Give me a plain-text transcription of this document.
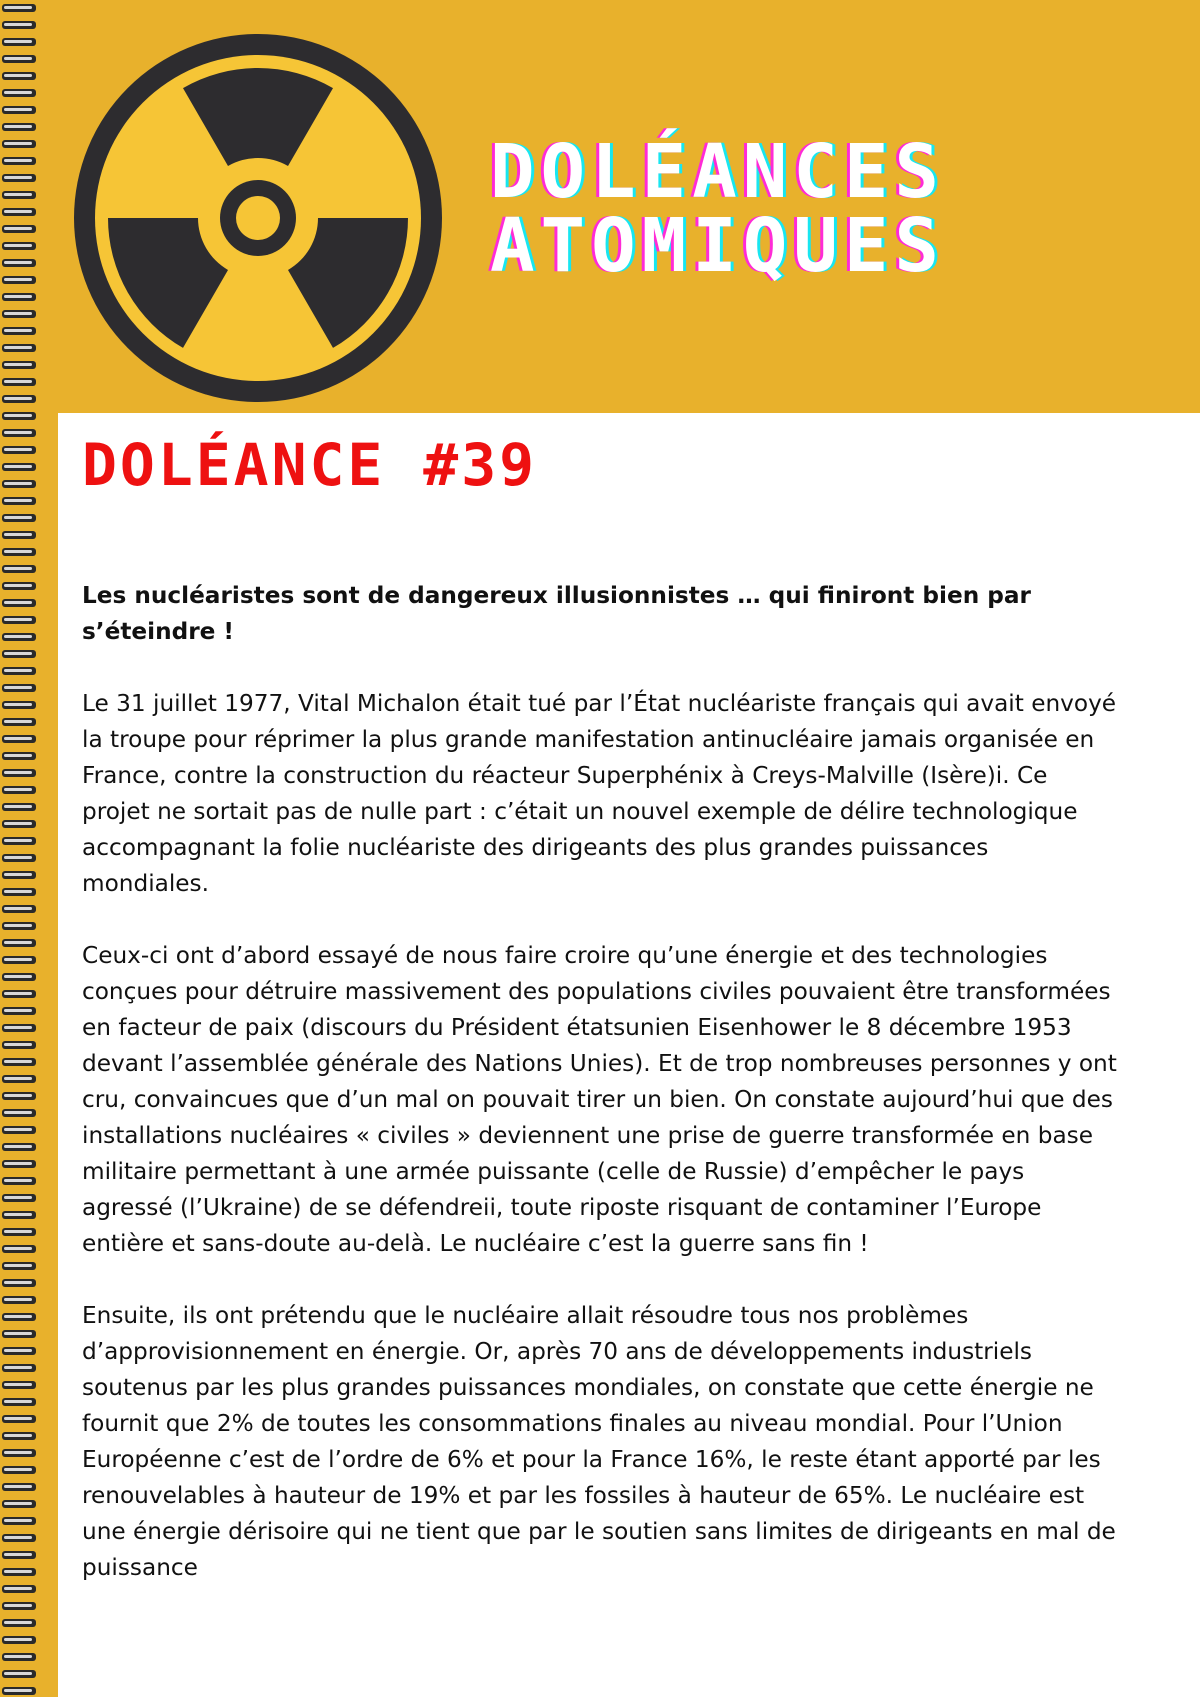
DOLÉANCES
ATOMIQUES
DOLÉANCE #39

Les nucléaristes sont de dangereux illusionnistes … qui finiront bien par s’éteindre !

Le 31 juillet 1977, Vital Michalon était tué par l’État nucléariste français qui avait envoyé la troupe pour réprimer la plus grande manifestation antinucléaire jamais organisée en France, contre la construction du réacteur Superphénix à Creys-Malville (Isère)i. Ce projet ne sortait pas de nulle part : c’était un nouvel exemple de délire technologique accompagnant la folie nucléariste des dirigeants des plus grandes puissances mondiales.

Ceux-ci ont d’abord essayé de nous faire croire qu’une énergie et des technologies conçues pour détruire massivement des populations civiles pouvaient être transformées en facteur de paix (discours du Président étatsunien Eisenhower le 8 décembre 1953 devant l’assemblée générale des Nations Unies). Et de trop nombreuses personnes y ont cru, convaincues que d’un mal on pouvait tirer un bien. On constate aujourd’hui que des installations nucléaires « civiles » deviennent une prise de guerre transformée en base militaire permettant à une armée puissante (celle de Russie) d’empêcher le pays agressé (l’Ukraine) de se défendreii, toute riposte risquant de contaminer l’Europe entière et sans-doute au-delà. Le nucléaire c’est la guerre sans fin !

Ensuite, ils ont prétendu que le nucléaire allait résoudre tous nos problèmes d’approvisionnement en énergie. Or, après 70 ans de développements industriels soutenus par les plus grandes puissances mondiales, on constate que cette énergie ne fournit que 2% de toutes les consommations finales au niveau mondial. Pour l’Union Européenne c’est de l’ordre de 6% et pour la France 16%, le reste étant apporté par les renouvelables à hauteur de 19% et par les fossiles à hauteur de 65%. Le nucléaire est une énergie dérisoire qui ne tient que par le soutien sans limites de dirigeants en mal de puissance
